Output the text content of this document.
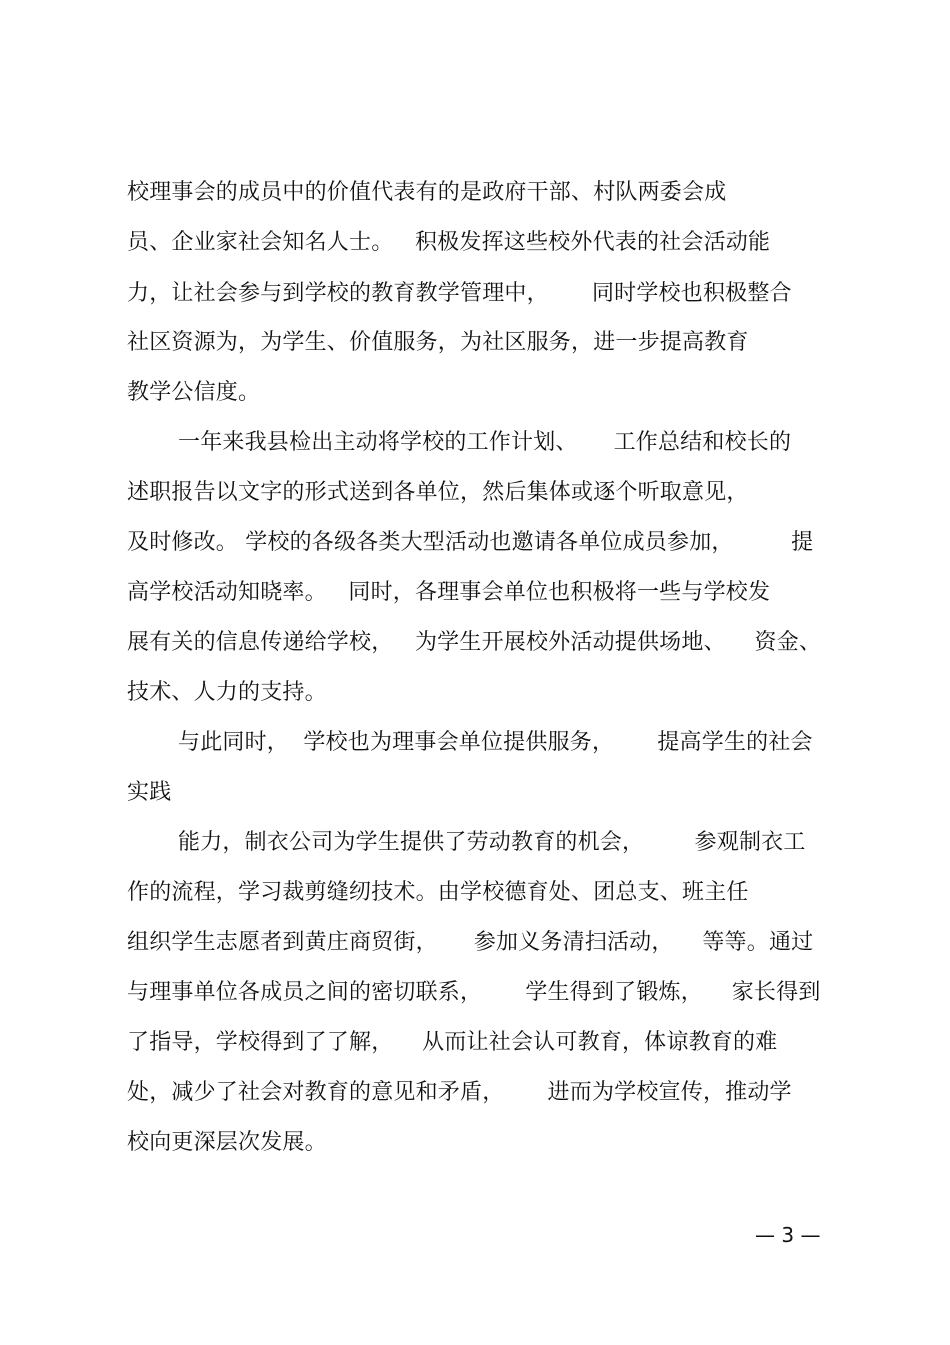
校理事会的成员中的价值代表有的是政府干部、村队两委会成
员、企业家社会知名人士。   积极发挥这些校外代表的社会活动能
力，让社会参与到学校的教育教学管理中，      同时学校也积极整合
社区资源为，为学生、价值服务，为社区服务，进一步提高教育
教学公信度。
一年来我县检出主动将学校的工作计划、     工作总结和校长的
述职报告以文字的形式送到各单位，然后集体或逐个听取意见，
及时修改。 学校的各级各类大型活动也邀请各单位成员参加，        提
高学校活动知晓率。   同时，各理事会单位也积极将一些与学校发
展有关的信息传递给学校，   为学生开展校外活动提供场地、    资金、
技术、人力的支持。
与此同时，  学校也为理事会单位提供服务，      提高学生的社会
实践
能力，制衣公司为学生提供了劳动教育的机会，       参观制衣工
作的流程，学习裁剪缝纫技术。由学校德育处、团总支、班主任
组织学生志愿者到黄庄商贸街，     参加义务清扫活动，    等等。通过
与理事单位各成员之间的密切联系，      学生得到了锻炼，    家长得到
了指导，学校得到了了解，    从而让社会认可教育，体谅教育的难
处，减少了社会对教育的意见和矛盾，      进而为学校宣传，推动学
校向更深层次发展。
— 3 —
